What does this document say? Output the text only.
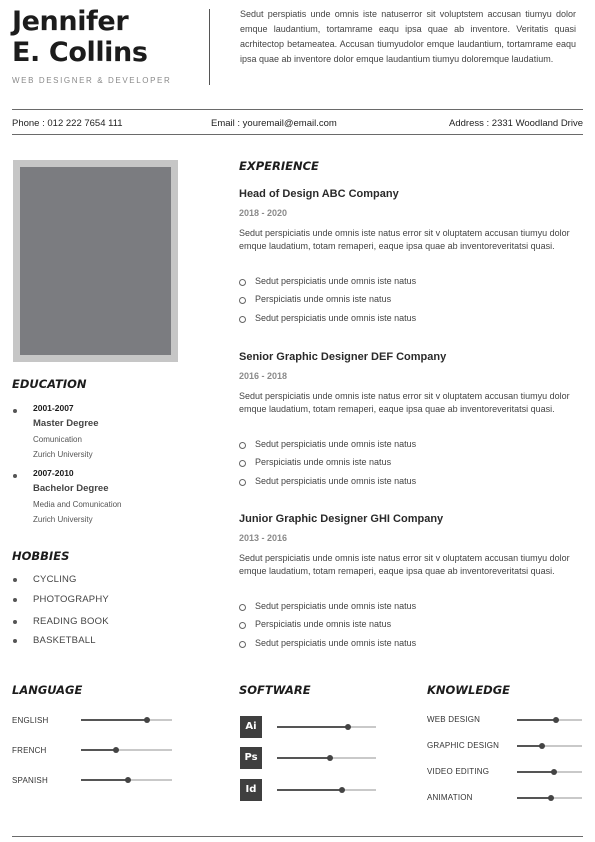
Jennifer
E. Collins
WEB DESIGNER & DEVELOPER
Sedut perspiatis unde omnis iste natuserror sit voluptstem accusan tiumyu dolor emque laudantium, tortamrame eaqu ipsa quae ab inventore. Veritatis quasi acrhitectop betameatea. Accusan tiumyudolor emque laudantium, tortamrame eaqu ipsa quae ab inventore dolor emque laudantium tiumyu doloremque laudatium.
Phone : 012 222 7654 111	Email : youremail@email.com	Address : 2331 Woodland Drive
EDUCATION
2001-2007
Master Degree
Comunication
Zurich University
2007-2010
Bachelor Degree
Media and Comunication
Zurich University
HOBBIES
CYCLING
PHOTOGRAPHY
READING BOOK
BASKETBALL
EXPERIENCE
Head of Design ABC Company
2018 - 2020
Sedut perspiciatis unde omnis iste natus error sit v oluptatem accusan tiumyu dolor emque laudatium, totam remaperi, eaque ipsa quae ab inventoreveritatsi quasi.
Sedut perspiciatis unde omnis iste natus
Perspiciatis unde omnis iste natus
Sedut perspiciatis unde omnis iste natus
Senior Graphic Designer DEF Company
2016 - 2018
Sedut perspiciatis unde omnis iste natus error sit v oluptatem accusan tiumyu dolor emque laudatium, totam remaperi, eaque ipsa quae ab inventoreveritatsi quasi.
Sedut perspiciatis unde omnis iste natus
Perspiciatis unde omnis iste natus
Sedut perspiciatis unde omnis iste natus
Junior Graphic Designer GHI Company
2013 - 2016
Sedut perspiciatis unde omnis iste natus error sit v oluptatem accusan tiumyu dolor emque laudatium, totam remaperi, eaque ipsa quae ab inventoreveritatsi quasi.
Sedut perspiciatis unde omnis iste natus
Perspiciatis unde omnis iste natus
Sedut perspiciatis unde omnis iste natus
LANGUAGE
ENGLISH
FRENCH
SPANISH
SOFTWARE
Ai
Ps
Id
KNOWLEDGE
WEB DESIGN
GRAPHIC DESIGN
VIDEO EDITING
ANIMATION
